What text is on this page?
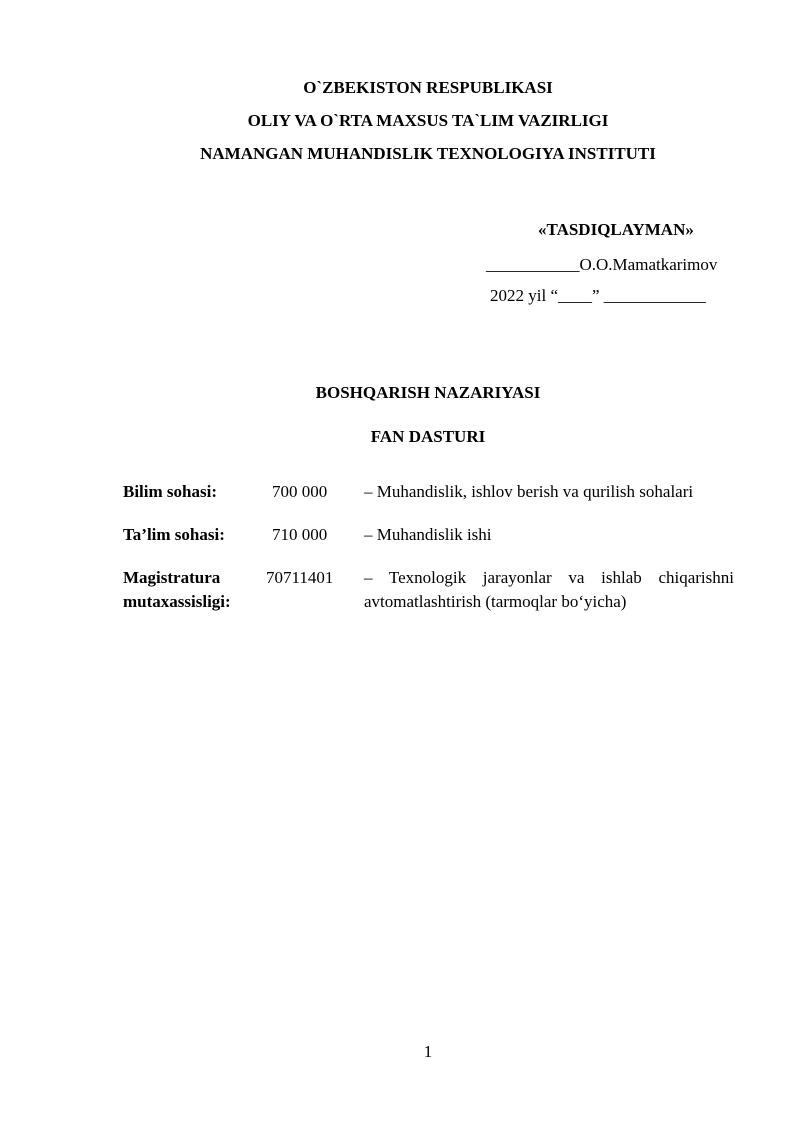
O`ZBEKISTON RESPUBLIKASI
OLIY VA O`RTA MAXSUS TA`LIM VAZIRLIGI
NAMANGAN MUHANDISLIK TEXNOLOGIYA INSTITUTI
«TASDIQLAYMAN»
___________O.O.Mamatkarimov
2022 yil “____” ____________
BOSHQARISH NAZARIYASI
FAN DASTURI
Bilim sohasi:	700 000 – Muhandislik, ishlov berish va qurilish sohalari
Ta’lim sohasi:	710 000 – Muhandislik ishi
Magistratura mutaxassisligi:
70711401 – Texnologik jarayonlar va ishlab chiqarishni avtomatlashtirish (tarmoqlar bo‘yicha)
1
